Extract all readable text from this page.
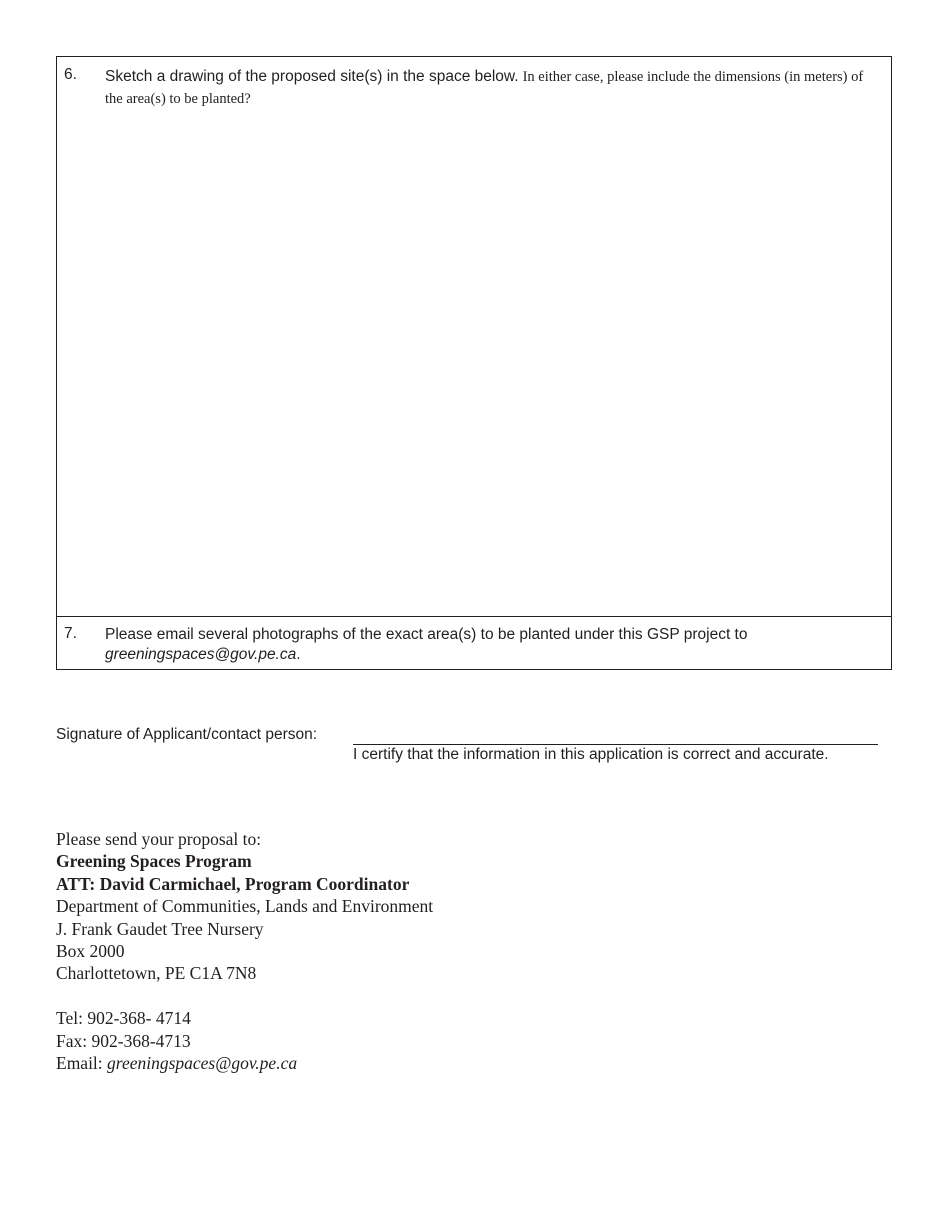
6. Sketch a drawing of the proposed site(s) in the space below. In either case, please include the dimensions (in meters) of the area(s) to be planted?
7. Please email several photographs of the exact area(s) to be planted under this GSP project to
greeningspaces@gov.pe.ca.
Signature of Applicant/contact person:
I certify that the information in this application is correct and accurate.
Please send your proposal to:
Greening Spaces Program
ATT: David Carmichael, Program Coordinator
Department of Communities, Lands and Environment
J. Frank Gaudet Tree Nursery
Box 2000
Charlottetown, PE C1A 7N8
Tel: 902-368- 4714
Fax: 902-368-4713
Email: greeningspaces@gov.pe.ca
